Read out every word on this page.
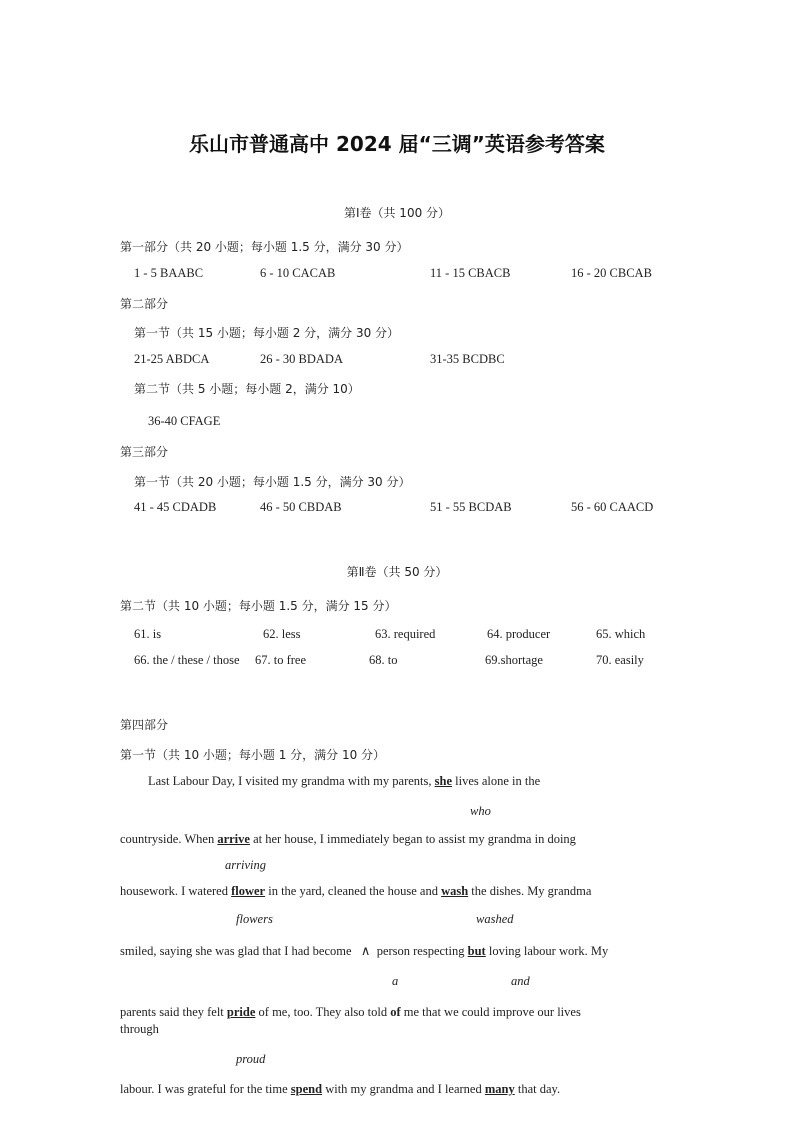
乐山市普通高中 2024 届“三调”英语参考答案
第Ⅰ卷（共 100 分）
第一部分（共 20 小题；每小题 1.5 分，满分 30 分）
1 - 5 BAABC	6 - 10 CACAB	11 - 15 CBACB	16 - 20 CBCAB
第二部分
第一节（共 15 小题；每小题 2 分，满分 30 分）
21-25 ABDCA	26 - 30 BDADA	31-35 BCDBC
第二节（共 5 小题；每小题 2，满分 10）
36-40 CFAGE
第三部分
第一节（共 20 小题；每小题 1.5 分，满分 30 分）
41 - 45 CDADB	46 - 50 CBDAB	51 - 55 BCDAB	56 - 60 CAACD
第Ⅱ卷（共 50 分）
第二节（共 10 小题；每小题 1.5 分，满分 15 分）
61. is	62. less	63. required	64. producer	65. which
66. the / these / those 67. to free	68. to	69.shortage	70. easily
第四部分
第一节（共 10 小题；每小题 1 分，满分 10 分）
Last Labour Day, I visited my grandma with my parents, she lives alone in the
who
countryside. When arrive at her house, I immediately began to assist my grandma in doing
arriving
housework. I watered flower in the yard, cleaned the house and wash the dishes. My grandma
flowers	washed
smiled, saying she was glad that I had become ∧ person respecting but loving labour work. My
a	and
parents said they felt pride of me, too. They also told of me that we could improve our lives
through
proud
labour. I was grateful for the time spend with my grandma and I learned many that day.
